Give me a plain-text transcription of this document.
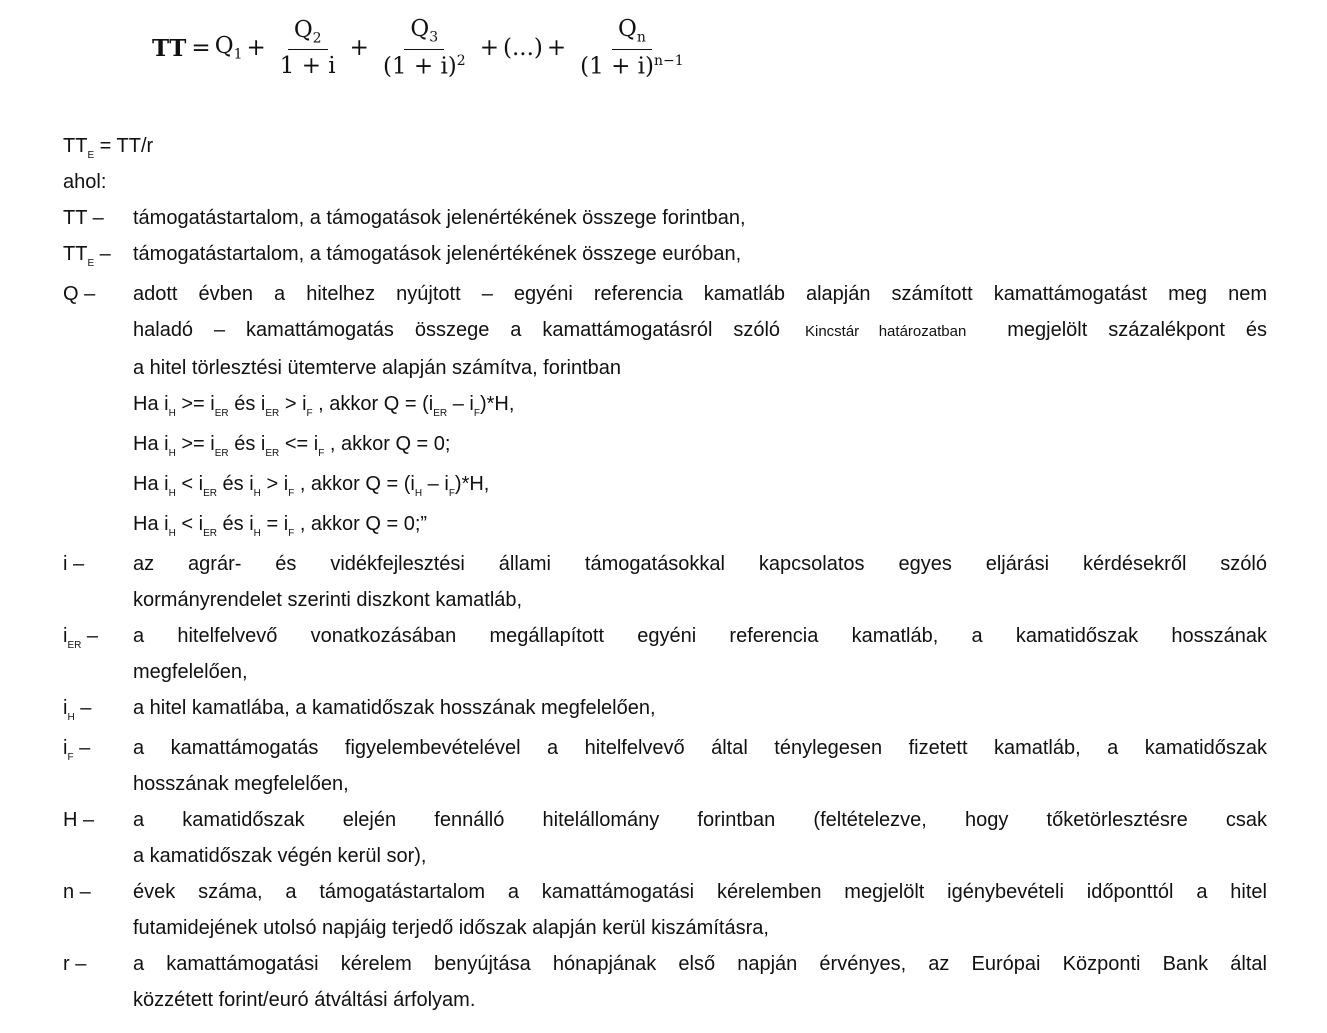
TT = $Q_1 + \frac{Q_2}{1 + i} + \frac{Q_3}{(1 + i)^2}$ + (...) + $\frac{Q_n}{(1 + i)^{n-1}}$
$TT_E = TT/r$
ahol:
TT –	támogatástartalom, a támogatások jelenértékének összege forintban,
$TT_E$ –	támogatástartalom, a támogatások jelenértékének összege euróban,
Q –	adott évben a hitelhez nyújtott – egyéni referencia kamatláb alapján számított kamattámogatást meg nem
haladó – kamattámogatás összege a kamattámogatásról szóló Kincstár határozatban megjelölt százalékpont és
a hitel törlesztési ütemterve alapján számítva, forintban
Ha $i_H >= i_{ER}$ és $i_{ER} > i_F$ , akkor $Q = (i_{ER} - i_F)*H$,
Ha $i_H >= i_{ER}$ és $i_{ER} <= i_F$ , akkor Q = 0;
Ha $i_H < i_{ER}$ és $i_H > i_F$ , akkor $Q = (i_H - i_F)*H$,
Ha $i_H < i_{ER}$ és $i_H = i_F$ , akkor Q = 0;”
i –	az agrár- és vidékfejlesztési állami támogatásokkal kapcsolatos egyes eljárási kérdésekről szóló
kormányrendelet szerinti diszkont kamatláb,
$i_{ER}$ –	a hitelfelvevő vonatkozásában megállapított egyéni referencia kamatláb, a kamatidőszak hosszának
megfelelően,
$i_H$ –	a hitel kamatlába, a kamatidőszak hosszának megfelelően,
$i_F$ –	a kamattámogatás figyelembevételével a hitelfelvevő által ténylegesen fizetett kamatláb, a kamatidőszak
hosszának megfelelően,
H –	a kamatidőszak elején fennálló hitelállomány forintban (feltételezve, hogy tőketörlesztésre csak
a kamatidőszak végén kerül sor),
n –	évek száma, a támogatástartalom a kamattámogatási kérelemben megjelölt igénybevételi időponttól a hitel
futamidejének utolsó napjáig terjedő időszak alapján kerül kiszámításra,
r –	a kamattámogatási kérelem benyújtása hónapjának első napján érvényes, az Európai Központi Bank által
közzétett forint/euró átváltási árfolyam.
